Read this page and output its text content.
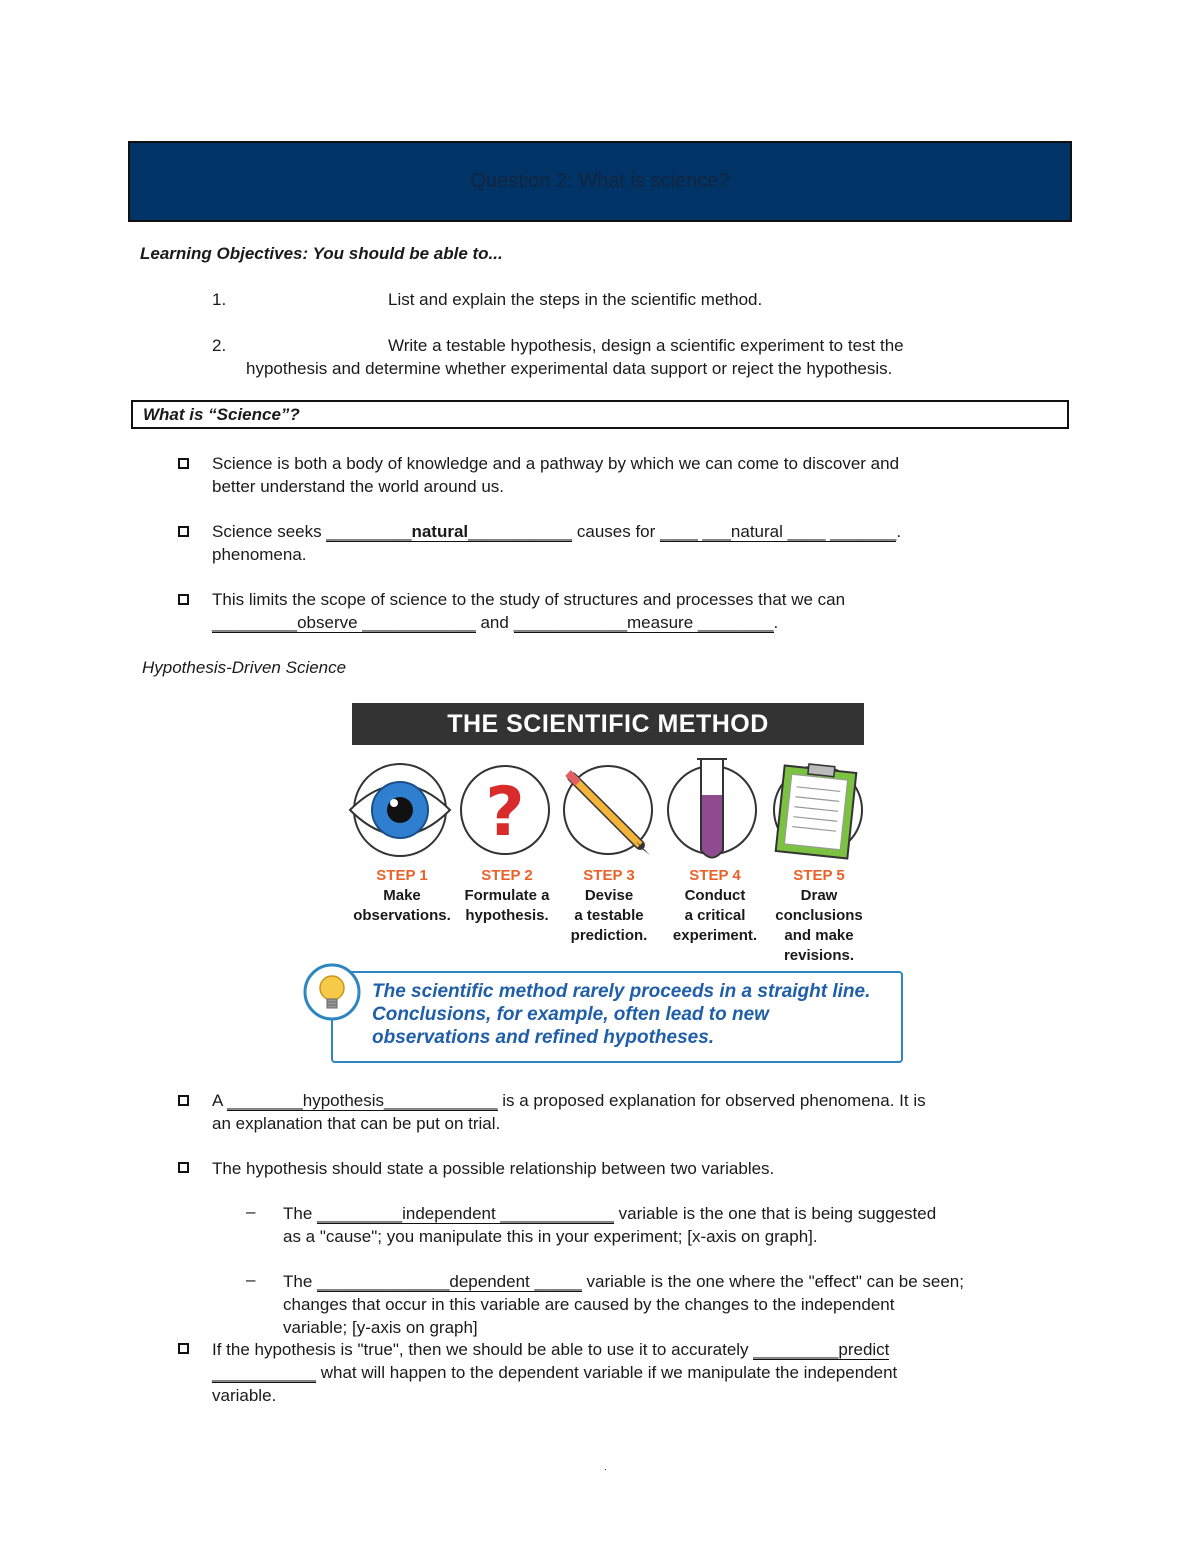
Question 2: What is science?
Learning Objectives: You should be able to...
1.	List and explain the steps in the scientific method.
2.	Write a testable hypothesis, design a scientific experiment to test the
hypothesis and determine whether experimental data support or reject the hypothesis.
What is “Science”?
Science is both a body of knowledge and a pathway by which we can come to discover and
better understand the world around us.
Science seeks _________natural___________ causes for ____ ___natural ____ _______.
phenomena.
This limits the scope of science to the study of structures and processes that we can
_________observe ____________ and ____________measure ________.
Hypothesis-Driven Science
THE SCIENTIFIC METHOD
?
STEP 1
Make
observations.
STEP 2
Formulate a
hypothesis.
STEP 3
Devise
a testable
prediction.
STEP 4
Conduct
a critical
experiment.
STEP 5
Draw
conclusions
and make
revisions.
The scientific method rarely proceeds in a straight line. Conclusions, for example, often lead to new observations and refined hypotheses.
A ________hypothesis____________ is a proposed explanation for observed phenomena. It is
an explanation that can be put on trial.
The hypothesis should state a possible relationship between two variables.
– The _________independent ____________ variable is the one that is being suggested
as a "cause"; you manipulate this in your experiment; [x-axis on graph].
– The ______________dependent _____ variable is the one where the "effect" can be seen;
changes that occur in this variable are caused by the changes to the independent
variable; [y-axis on graph]
If the hypothesis is "true", then we should be able to use it to accurately _________predict
___________ what will happen to the dependent variable if we manipulate the independent
variable.
.
